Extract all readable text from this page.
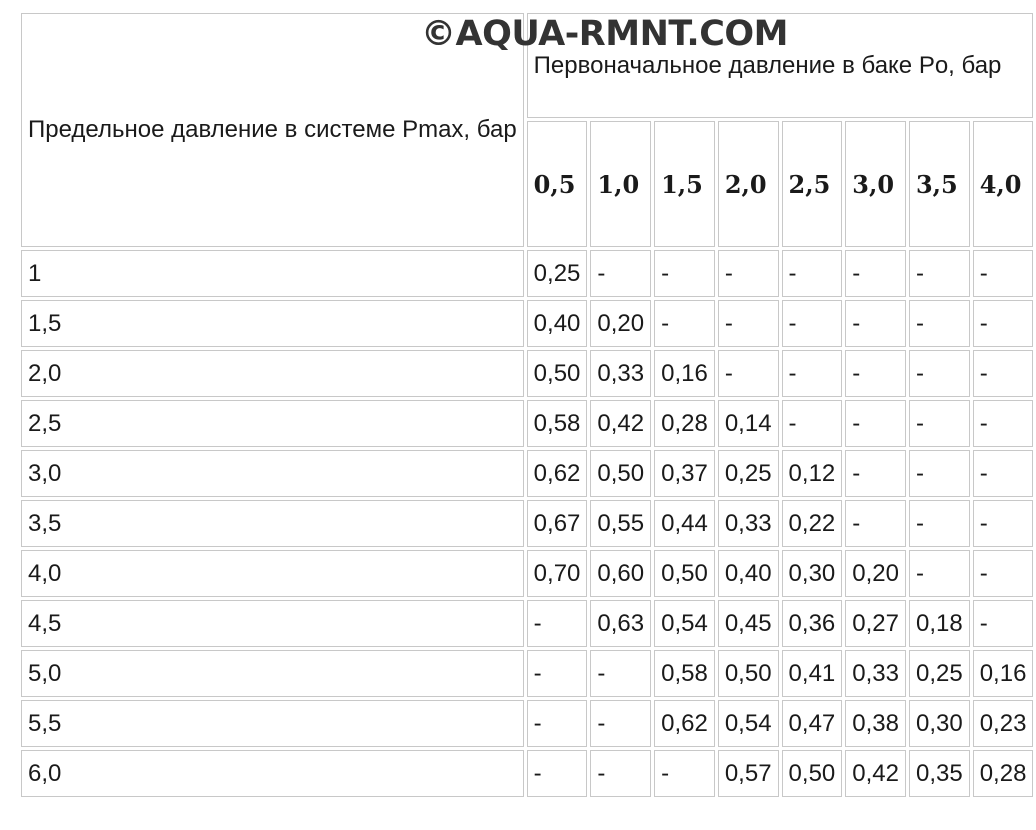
©AQUA-RMNT.COM
Предельное давление в системе Pmax, бар	Первоначальное давление в баке Po, бар							
	0,5	1,0	1,5	2,0	2,5	3,0	3,5	4,0
1	0,25	-	-	-	-	-	-	-
1,5	0,40	0,20	-	-	-	-	-	-
2,0	0,50	0,33	0,16	-	-	-	-	-
2,5	0,58	0,42	0,28	0,14	-	-	-	-
3,0	0,62	0,50	0,37	0,25	0,12	-	-	-
3,5	0,67	0,55	0,44	0,33	0,22	-	-	-
4,0	0,70	0,60	0,50	0,40	0,30	0,20	-	-
4,5	-	0,63	0,54	0,45	0,36	0,27	0,18	-
5,0	-	-	0,58	0,50	0,41	0,33	0,25	0,16
5,5	-	-	0,62	0,54	0,47	0,38	0,30	0,23
6,0	-	-	-	0,57	0,50	0,42	0,35	0,28
